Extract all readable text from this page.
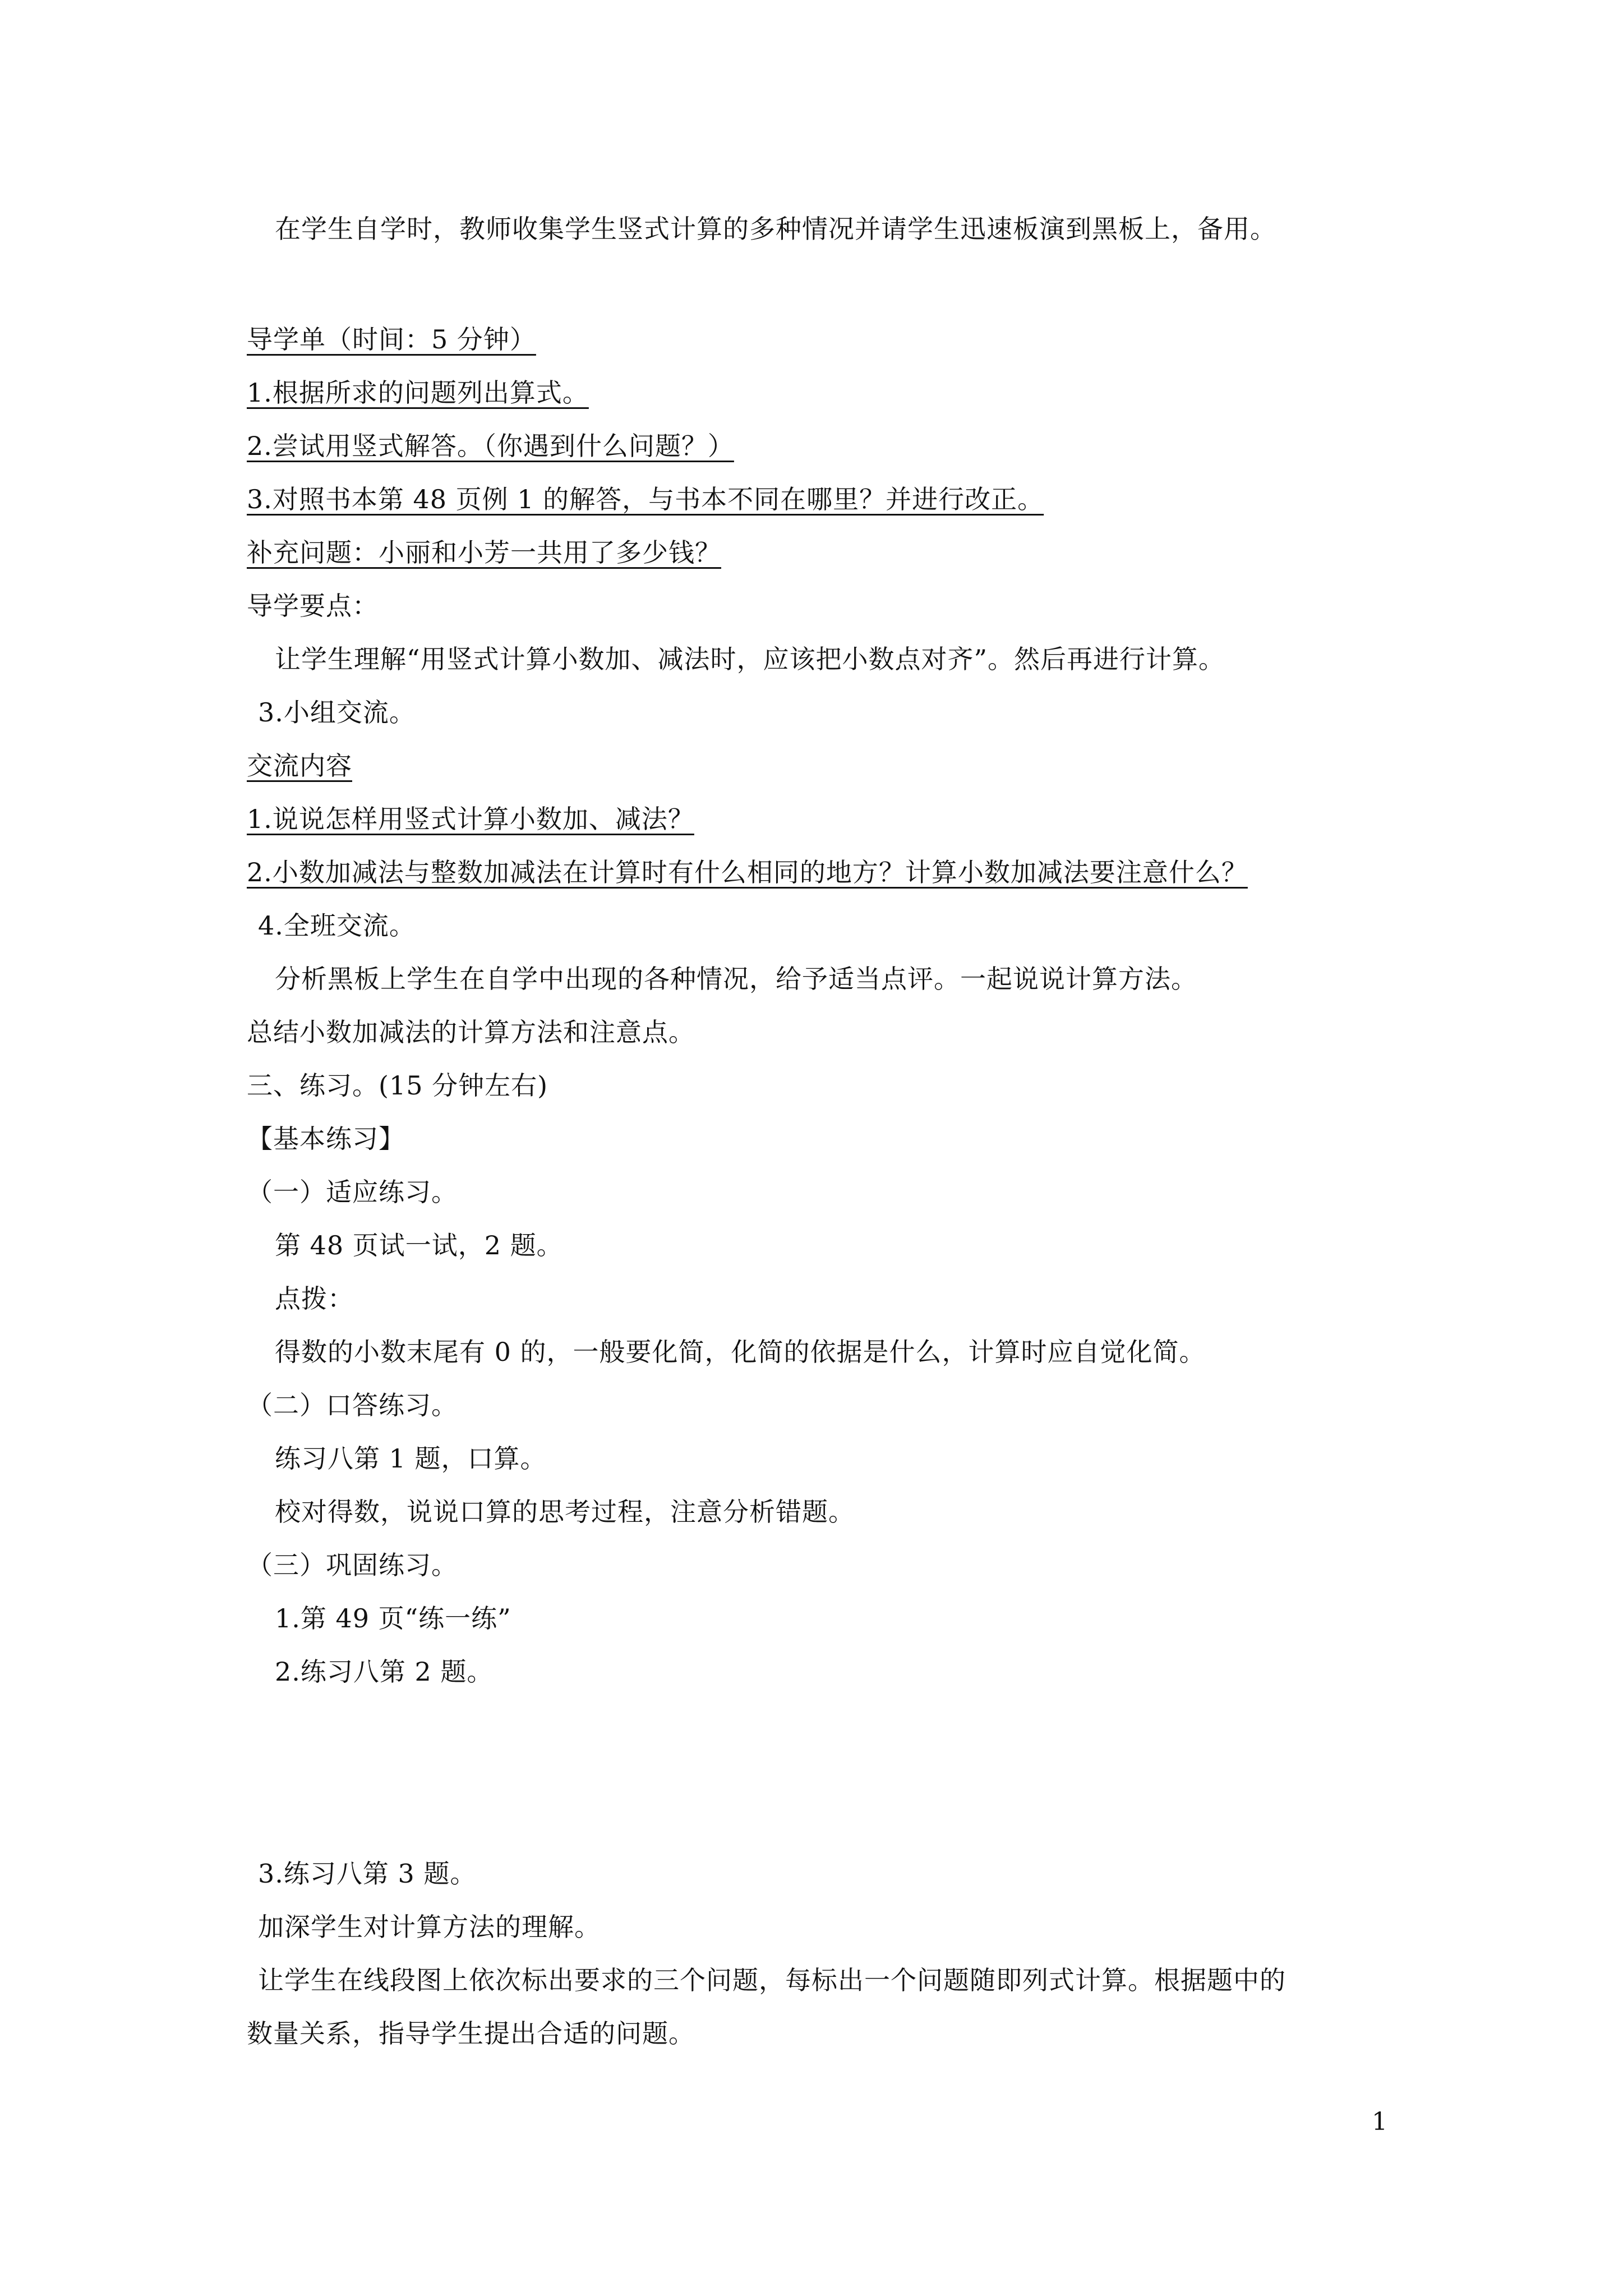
在学生自学时，教师收集学生竖式计算的多种情况并请学生迅速板演到黑板上，备用。
导学单（时间：5 分钟）
1.根据所求的问题列出算式。
2.尝试用竖式解答。（你遇到什么问题？）
3.对照书本第 48 页例 1 的解答，与书本不同在哪里？并进行改正。
补充问题：小丽和小芳一共用了多少钱？
导学要点：
让学生理解“用竖式计算小数加、减法时，应该把小数点对齐”。然后再进行计算。
3.小组交流。
交流内容
1.说说怎样用竖式计算小数加、减法？
2.小数加减法与整数加减法在计算时有什么相同的地方？计算小数加减法要注意什么？
4.全班交流。
分析黑板上学生在自学中出现的各种情况，给予适当点评。一起说说计算方法。
总结小数加减法的计算方法和注意点。
三、练习。(15 分钟左右)
【基本练习】
（一）适应练习。
第 48 页试一试，2 题。
点拨：
得数的小数末尾有 0 的，一般要化简，化简的依据是什么，计算时应自觉化简。
（二）口答练习。
练习八第 1 题，口算。
校对得数，说说口算的思考过程，注意分析错题。
（三）巩固练习。
1.第 49 页“练一练”
2.练习八第 2 题。
3.练习八第 3 题。
加深学生对计算方法的理解。
让学生在线段图上依次标出要求的三个问题，每标出一个问题随即列式计算。根据题中的
数量关系，指导学生提出合适的问题。
1
